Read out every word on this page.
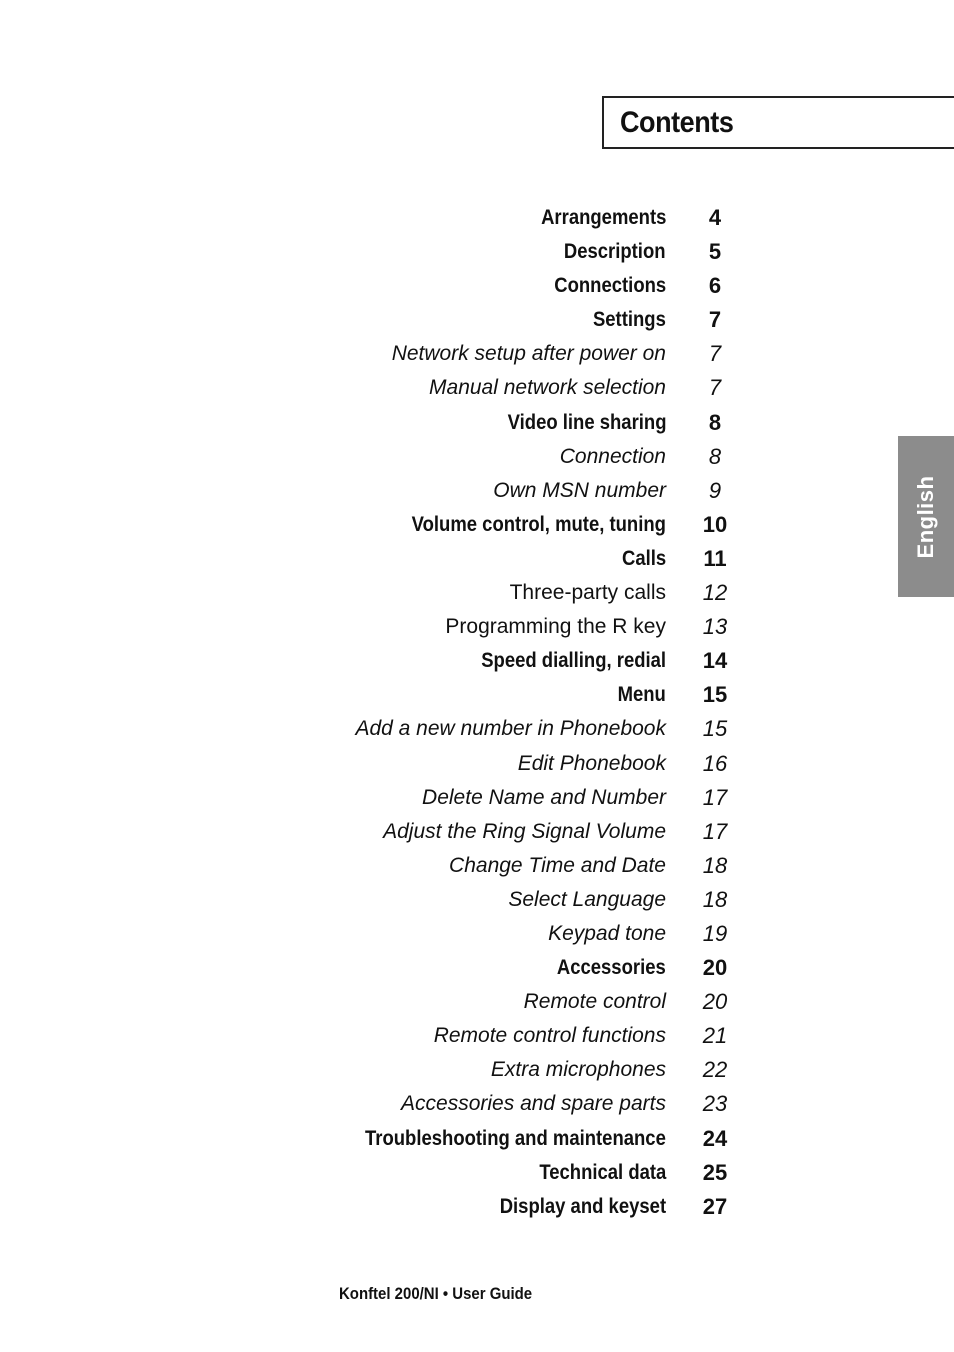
Contents
Arrangements	4
Description	5
Connections	6
Settings	7
Network setup after power on	7
Manual network selection	7
Video line sharing	8
Connection	8
Own MSN number	9
Volume control, mute, tuning 10
Calls 11
Three-party calls 12
Programming the R key 13
Speed dialling, redial 14
Menu 15
Add a new number in Phonebook 15
Edit Phonebook 16
Delete Name and Number 17
Adjust the Ring Signal Volume 17
Change Time and Date 18
Select Language 18
Keypad tone 19
Accessories 20
Remote control 20
Remote control functions 21
Extra microphones 22
Accessories and spare parts 23
Troubleshooting and maintenance 24
Technical data 25
Display and keyset 27
English
Konftel 200/NI • User Guide
